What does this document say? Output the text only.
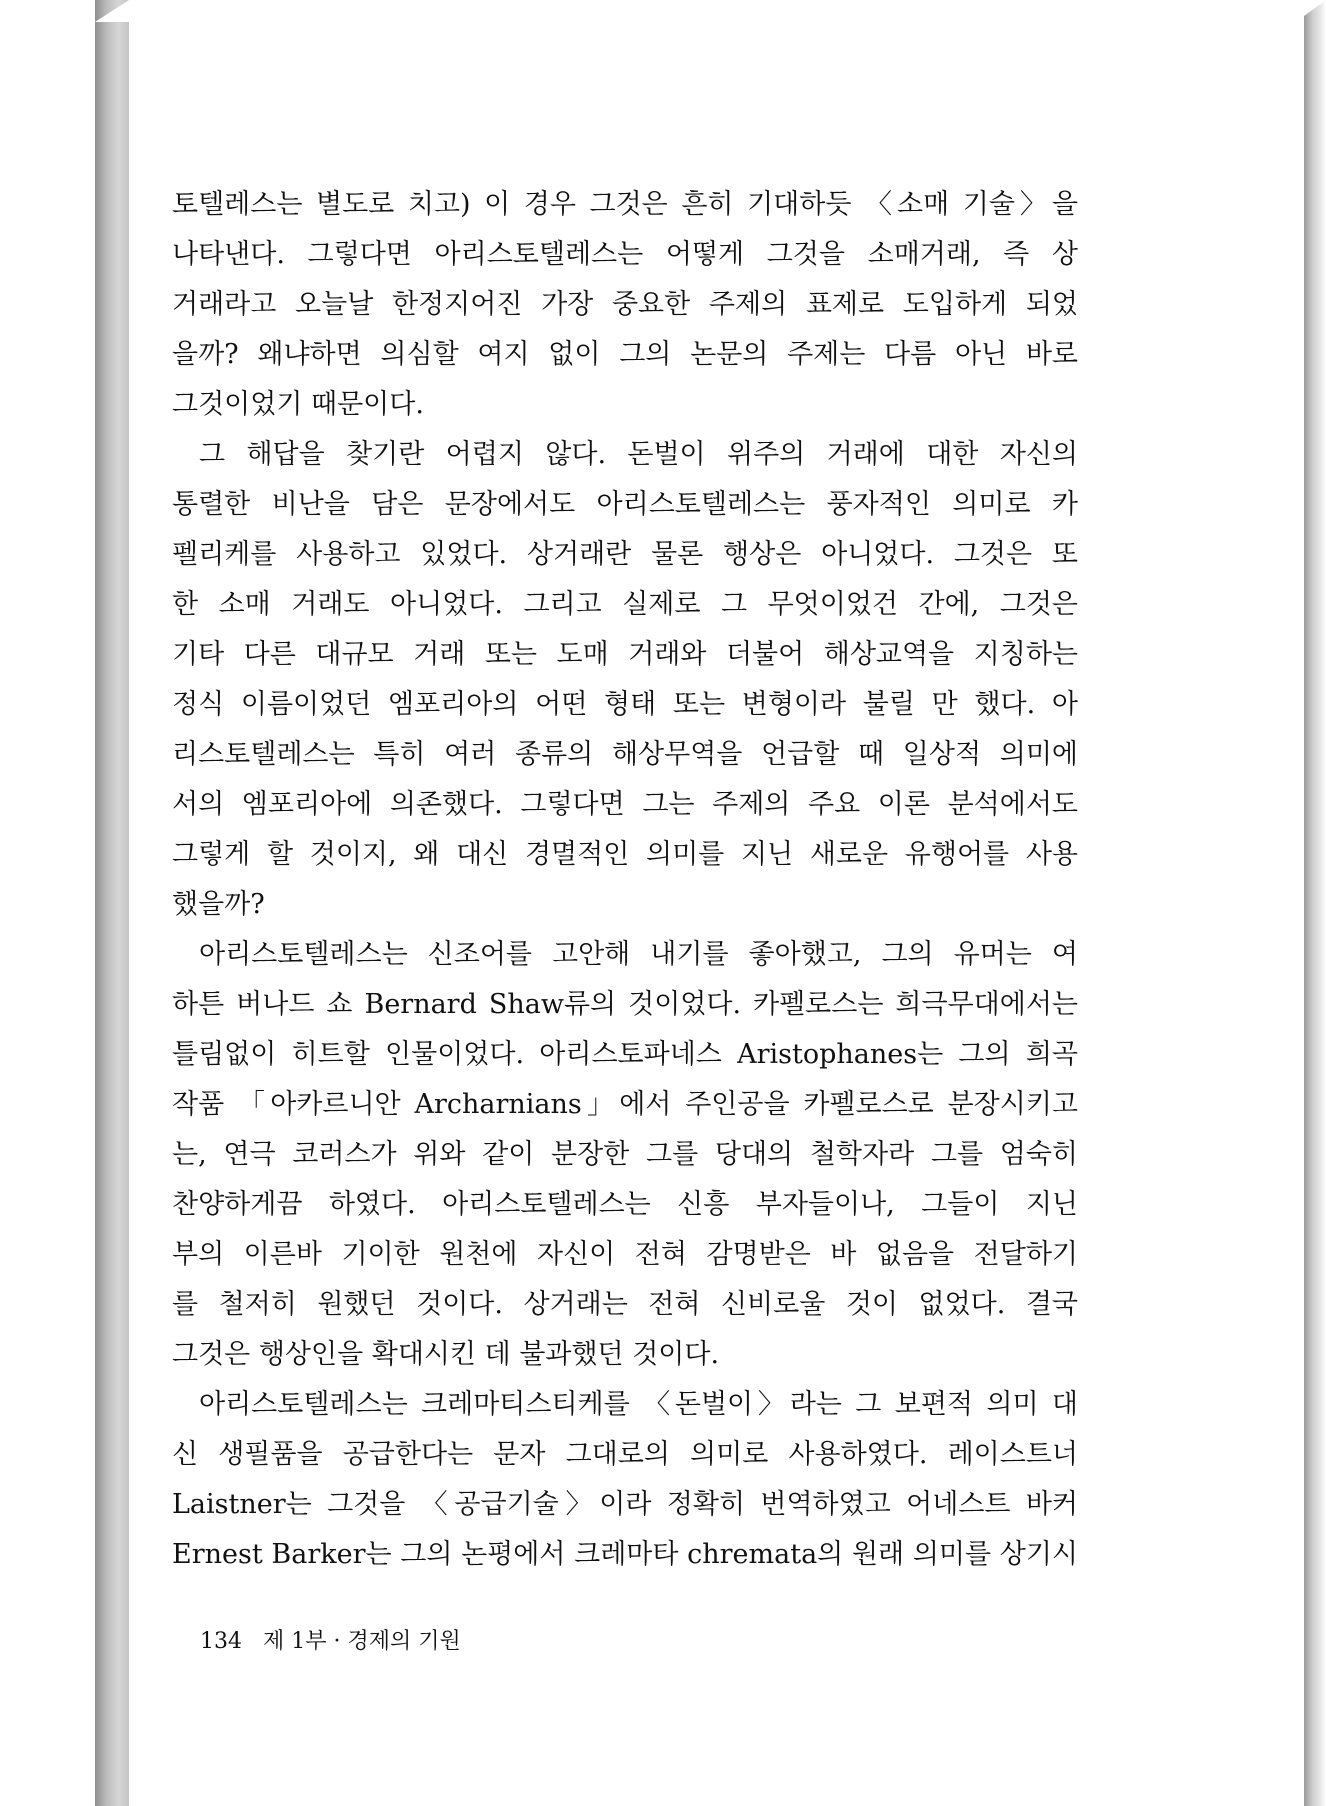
토텔레스는 별도로 치고) 이 경우 그것은 흔히 기대하듯 〈소매 기술〉을
나타낸다. 그렇다면 아리스토텔레스는 어떻게 그것을 소매거래, 즉 상
거래라고 오늘날 한정지어진 가장 중요한 주제의 표제로 도입하게 되었
을까? 왜냐하면 의심할 여지 없이 그의 논문의 주제는 다름 아닌 바로
그것이었기 때문이다.
그 해답을 찾기란 어렵지 않다. 돈벌이 위주의 거래에 대한 자신의
통렬한 비난을 담은 문장에서도 아리스토텔레스는 풍자적인 의미로 카
펠리케를 사용하고 있었다. 상거래란 물론 행상은 아니었다. 그것은 또
한 소매 거래도 아니었다. 그리고 실제로 그 무엇이었건 간에, 그것은
기타 다른 대규모 거래 또는 도매 거래와 더불어 해상교역을 지칭하는
정식 이름이었던 엠포리아의 어떤 형태 또는 변형이라 불릴 만 했다. 아
리스토텔레스는 특히 여러 종류의 해상무역을 언급할 때 일상적 의미에
서의 엠포리아에 의존했다. 그렇다면 그는 주제의 주요 이론 분석에서도
그렇게 할 것이지, 왜 대신 경멸적인 의미를 지닌 새로운 유행어를 사용
했을까?
아리스토텔레스는 신조어를 고안해 내기를 좋아했고, 그의 유머는 여
하튼 버나드 쇼 Bernard Shaw류의 것이었다. 카펠로스는 희극무대에서는
틀림없이 히트할 인물이었다. 아리스토파네스 Aristophanes는 그의 희곡
작품 「아카르니안 Archarnians」에서 주인공을 카펠로스로 분장시키고
는, 연극 코러스가 위와 같이 분장한 그를 당대의 철학자라 그를 엄숙히
찬양하게끔 하였다. 아리스토텔레스는 신흥 부자들이나, 그들이 지닌
부의 이른바 기이한 원천에 자신이 전혀 감명받은 바 없음을 전달하기
를 철저히 원했던 것이다. 상거래는 전혀 신비로울 것이 없었다. 결국
그것은 행상인을 확대시킨 데 불과했던 것이다.
아리스토텔레스는 크레마티스티케를 〈돈벌이〉라는 그 보편적 의미 대
신 생필품을 공급한다는 문자 그대로의 의미로 사용하였다. 레이스트너
Laistner는 그것을 〈공급기술〉이라 정확히 번역하였고 어네스트 바커
Ernest Barker는 그의 논평에서 크레마타 chremata의 원래 의미를 상기시
134 제 1부 · 경제의 기원
